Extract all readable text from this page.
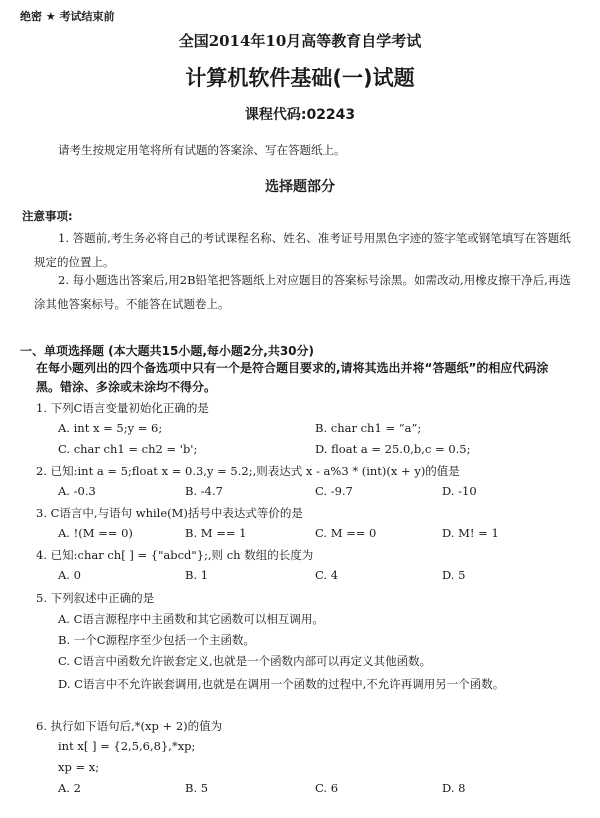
绝密 ★ 考试结束前
全国2014年10月高等教育自学考试
计算机软件基础(一)试题
课程代码:02243
请考生按规定用笔将所有试题的答案涂、写在答题纸上。
选择题部分
注意事项:
1. 答题前,考生务必将自己的考试课程名称、姓名、准考证号用黑色字迹的签字笔或钢笔填写在答题纸规定的位置上。
2. 每小题选出答案后,用2B铅笔把答题纸上对应题目的答案标号涂黑。如需改动,用橡皮擦干净后,再选涂其他答案标号。不能答在试题卷上。
一、单项选择题 (本大题共15小题,每小题2分,共30分)
在每小题列出的四个备选项中只有一个是符合题目要求的,请将其选出并将“答题纸”的相应代码涂黑。错涂、多涂或未涂均不得分。
1. 下列C语言变量初始化正确的是
A. int x = 5;y = 6;	B. char ch1 = “a”;
C. char ch1 = ch2 = 'b';	D. float a = 25.0,b,c = 0.5;
2. 已知:int a = 5;float x = 0.3,y = 5.2;,则表达式 x - a%3 * (int)(x + y)的值是
A. -0.3	B. -4.7	C. -9.7	D. -10
3. C语言中,与语句 while(M)括号中表达式等价的是
A. !(M == 0)	B. M == 1	C. M == 0	D. M! = 1
4. 已知:char ch[ ] = {"abcd"};,则 ch 数组的长度为
A. 0	B. 1	C. 4	D. 5
5. 下列叙述中正确的是
A. C语言源程序中主函数和其它函数可以相互调用。
B. 一个C源程序至少包括一个主函数。
C. C语言中函数允许嵌套定义,也就是一个函数内部可以再定义其他函数。
D. C语言中不允许嵌套调用,也就是在调用一个函数的过程中,不允许再调用另一个函数。
6. 执行如下语句后,*(xp + 2)的值为
int x[ ] = {2,5,6,8},*xp;
xp = x;
A. 2	B. 5	C. 6	D. 8
